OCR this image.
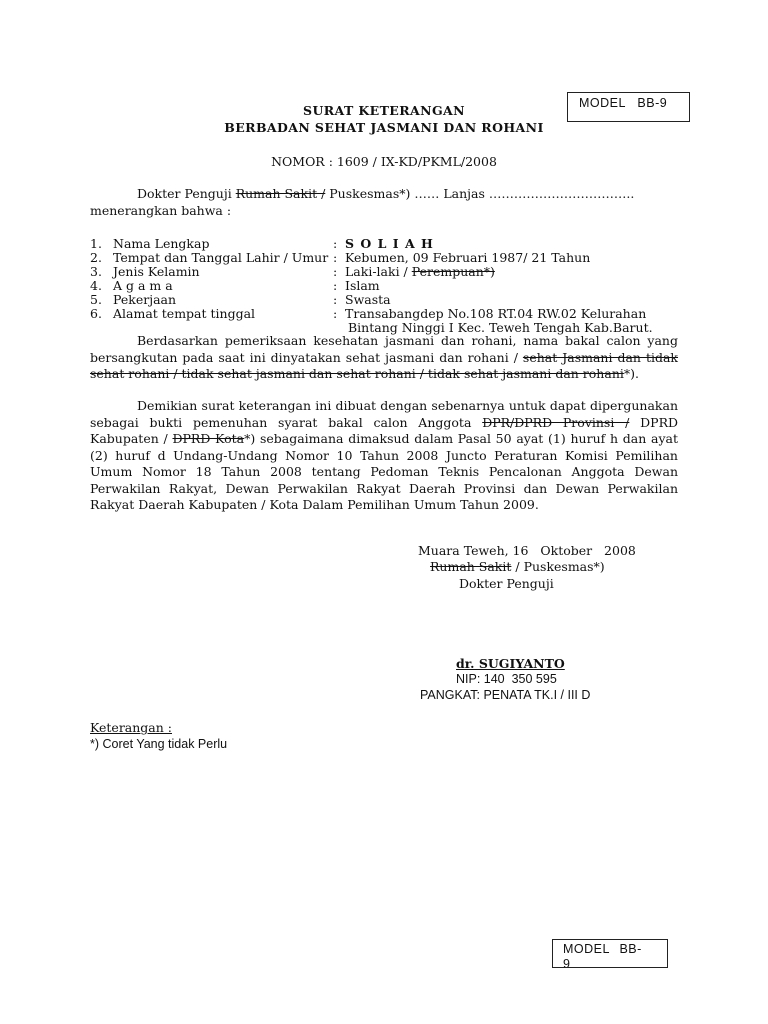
MODEL   BB-9
SURAT KETERANGAN
BERBADAN SEHAT JASMANI DAN ROHANI
NOMOR : 1609 / IX-KD/PKML/2008
Dokter Penguji Rumah Sakit / Puskesmas*) …… Lanjas ……………………………..
menerangkan bahwa :
1. Nama Lengkap	: S O L I A H
2. Tempat dan Tanggal Lahir / Umur : Kebumen, 09 Februari 1987/ 21 Tahun
3. Jenis Kelamin	: Laki-laki / Perempuan*)
4. A g a m a	: Islam
5. Pekerjaan	: Swasta
6. Alamat tempat tinggal	: Transabangdep No.108 RT.04 RW.02 Kelurahan
Bintang Ninggi I Kec. Teweh Tengah Kab.Barut.
Berdasarkan pemeriksaan kesehatan jasmani dan rohani, nama bakal calon yang bersangkutan pada saat ini dinyatakan sehat jasmani dan rohani / sehat Jasmani dan tidak sehat rohani / tidak sehat jasmani dan sehat rohani / tidak sehat jasmani dan rohani*).
Demikian surat keterangan ini dibuat dengan sebenarnya untuk dapat dipergunakan sebagai bukti pemenuhan syarat bakal calon Anggota DPR/DPRD Provinsi / DPRD Kabupaten / DPRD Kota*) sebagaimana dimaksud dalam Pasal 50 ayat (1) huruf h dan ayat (2) huruf d Undang-Undang Nomor 10 Tahun 2008 Juncto Peraturan Komisi Pemilihan Umum Nomor 18 Tahun 2008 tentang Pedoman Teknis Pencalonan Anggota Dewan Perwakilan Rakyat, Dewan Perwakilan Rakyat Daerah Provinsi dan Dewan Perwakilan Rakyat Daerah Kabupaten / Kota Dalam Pemilihan Umum Tahun 2009.
Muara Teweh, 16   Oktober   2008
Rumah Sakit / Puskesmas*)
Dokter Penguji
dr. SUGIYANTO
NIP: 140  350 595
PANGKAT: PENATA TK.I / III D
Keterangan :
*) Coret Yang tidak Perlu
MODEL BB-9
